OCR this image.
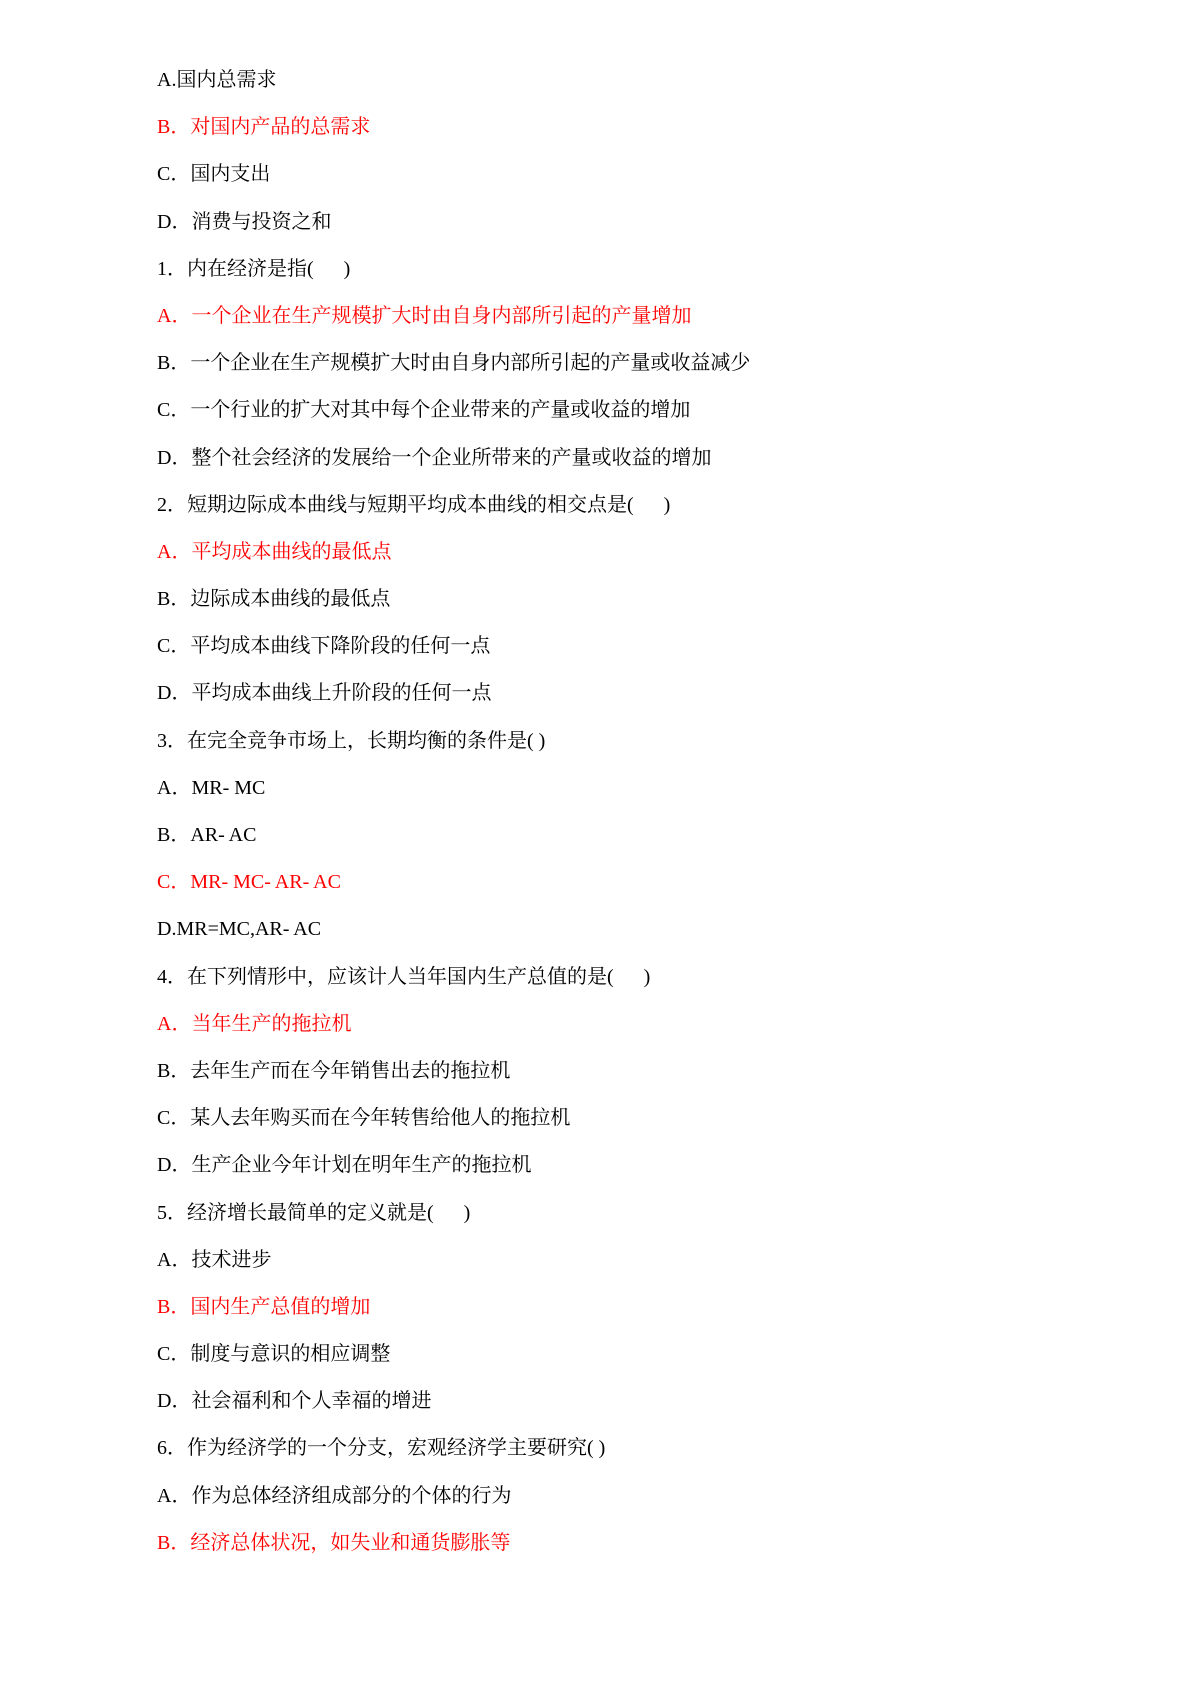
A.国内总需求
B．对国内产品的总需求
C．国内支出
D．消费与投资之和
1．内在经济是指(      )
A．一个企业在生产规模扩大时由自身内部所引起的产量增加
B．一个企业在生产规模扩大时由自身内部所引起的产量或收益减少
C．一个行业的扩大对其中每个企业带来的产量或收益的增加
D．整个社会经济的发展给一个企业所带来的产量或收益的增加
2．短期边际成本曲线与短期平均成本曲线的相交点是(      )
A．平均成本曲线的最低点
B．边际成本曲线的最低点
C．平均成本曲线下降阶段的任何一点
D．平均成本曲线上升阶段的任何一点
3．在完全竞争市场上，长期均衡的条件是( )
A．MR- MC
B．AR- AC
C．MR- MC- AR- AC
D.MR=MC,AR- AC
4．在下列情形中，应该计人当年国内生产总值的是(      )
A．当年生产的拖拉机
B．去年生产而在今年销售出去的拖拉机
C．某人去年购买而在今年转售给他人的拖拉机
D．生产企业今年计划在明年生产的拖拉机
5．经济增长最简单的定义就是(      )
A．技术进步
B．国内生产总值的增加
C．制度与意识的相应调整
D．社会福利和个人幸福的增进
6．作为经济学的一个分支，宏观经济学主要研究( )
A．作为总体经济组成部分的个体的行为
B．经济总体状况，如失业和通货膨胀等
